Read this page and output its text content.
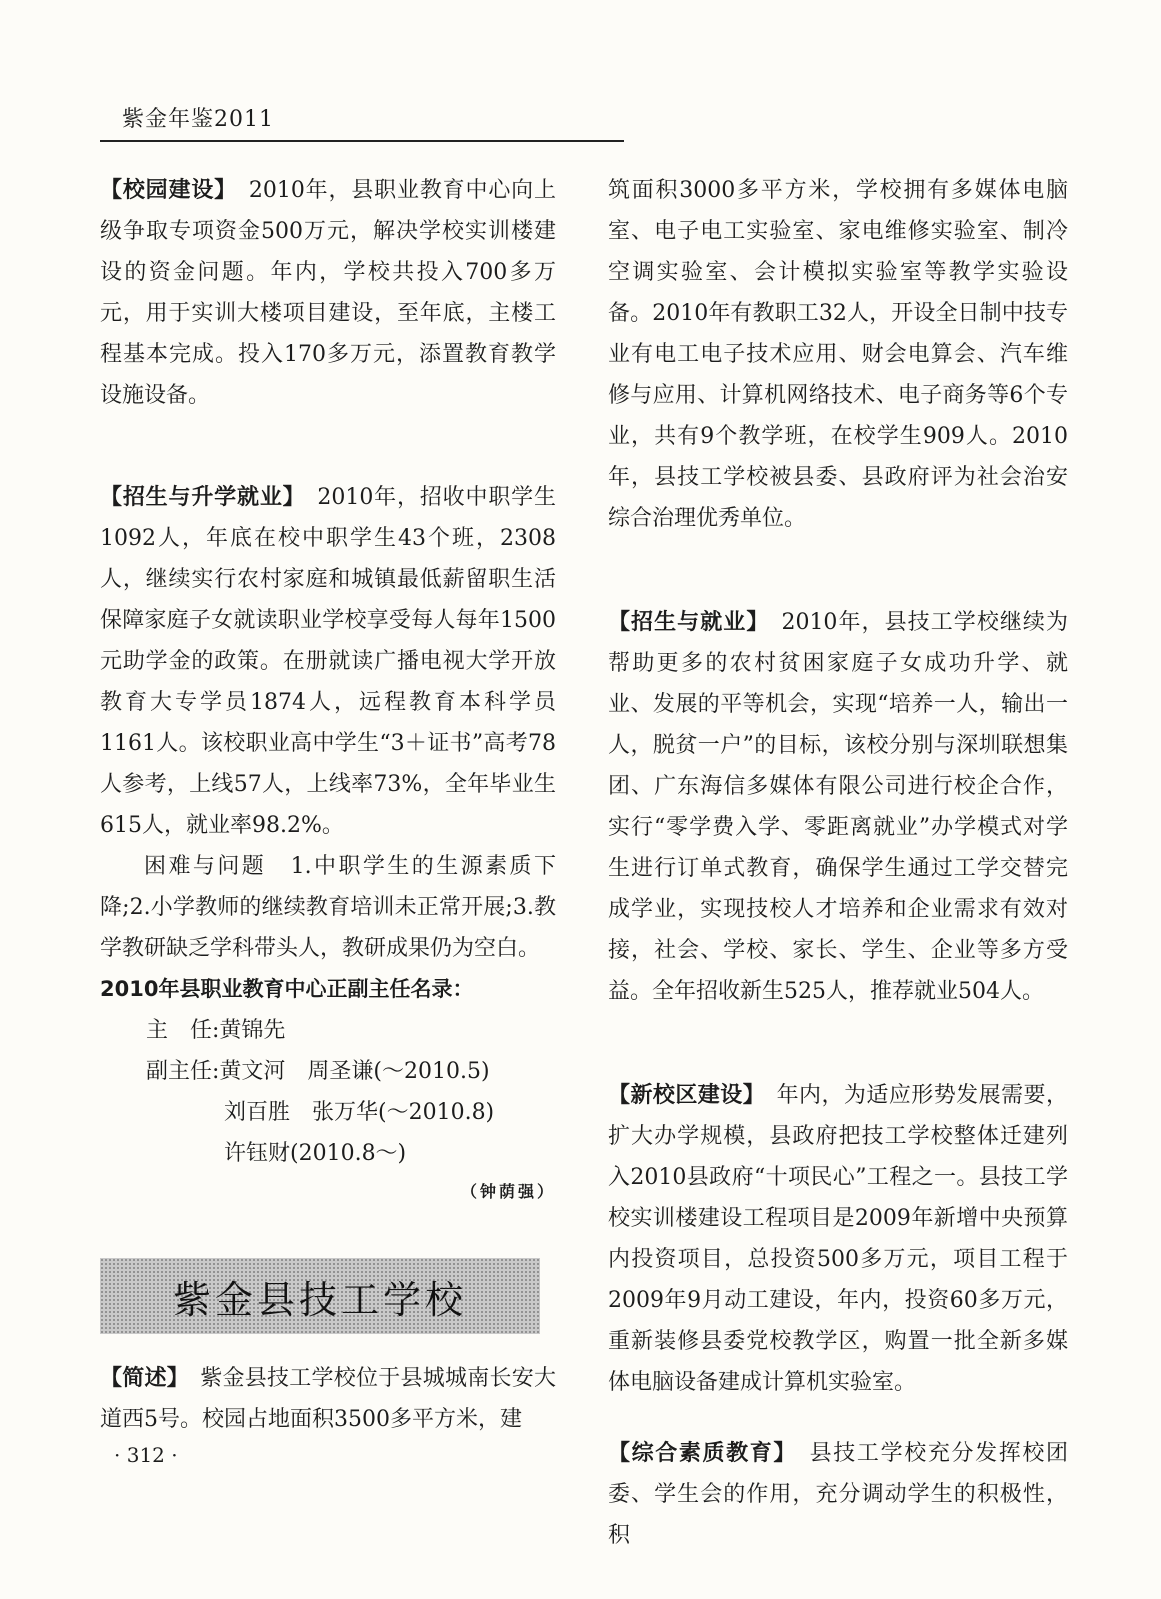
紫金年鉴2011

【校园建设】　2010年，县职业教育中心向上级争取专项资金500万元，解决学校实训楼建设的资金问题。年内，学校共投入700多万元，用于实训大楼项目建设，至年底，主楼工程基本完成。投入170多万元，添置教育教学设施设备。

【招生与升学就业】　2010年，招收中职学生1092人，年底在校中职学生43个班，2308人，继续实行农村家庭和城镇最低薪留职生活保障家庭子女就读职业学校享受每人每年1500元助学金的政策。在册就读广播电视大学开放教育大专学员1874人，远程教育本科学员1161人。该校职业高中学生“3＋证书”高考78人参考，上线57人，上线率73%，全年毕业生615人，就业率98.2%。

困难与问题　1.中职学生的生源素质下降;2.小学教师的继续教育培训未正常开展;3.教学教研缺乏学科带头人，教研成果仍为空白。

2010年县职业教育中心正副主任名录：
主　任:黄锦先
副主任:黄文河　周圣谦(～2010.5)
刘百胜　张万华(～2010.8)
许钰财(2010.8～)
（钟荫强）
紫金县技工学校

【简述】　紫金县技工学校位于县城城南长安大道西5号。校园占地面积3500多平方米，建

· 312 ·

筑面积3000多平方米，学校拥有多媒体电脑室、电子电工实验室、家电维修实验室、制冷空调实验室、会计模拟实验室等教学实验设备。2010年有教职工32人，开设全日制中技专业有电工电子技术应用、财会电算会、汽车维修与应用、计算机网络技术、电子商务等6个专业，共有9个教学班，在校学生909人。2010年，县技工学校被县委、县政府评为社会治安综合治理优秀单位。

【招生与就业】　2010年，县技工学校继续为帮助更多的农村贫困家庭子女成功升学、就业、发展的平等机会，实现“培养一人，输出一人，脱贫一户”的目标，该校分别与深圳联想集团、广东海信多媒体有限公司进行校企合作，实行“零学费入学、零距离就业”办学模式对学生进行订单式教育，确保学生通过工学交替完成学业，实现技校人才培养和企业需求有效对接，社会、学校、家长、学生、企业等多方受益。全年招收新生525人，推荐就业504人。

【新校区建设】　年内，为适应形势发展需要，扩大办学规模，县政府把技工学校整体迁建列入2010县政府“十项民心”工程之一。县技工学校实训楼建设工程项目是2009年新增中央预算内投资项目，总投资500多万元，项目工程于2009年9月动工建设，年内，投资60多万元，重新装修县委党校教学区，购置一批全新多媒体电脑设备建成计算机实验室。

【综合素质教育】　县技工学校充分发挥校团委、学生会的作用，充分调动学生的积极性，积
